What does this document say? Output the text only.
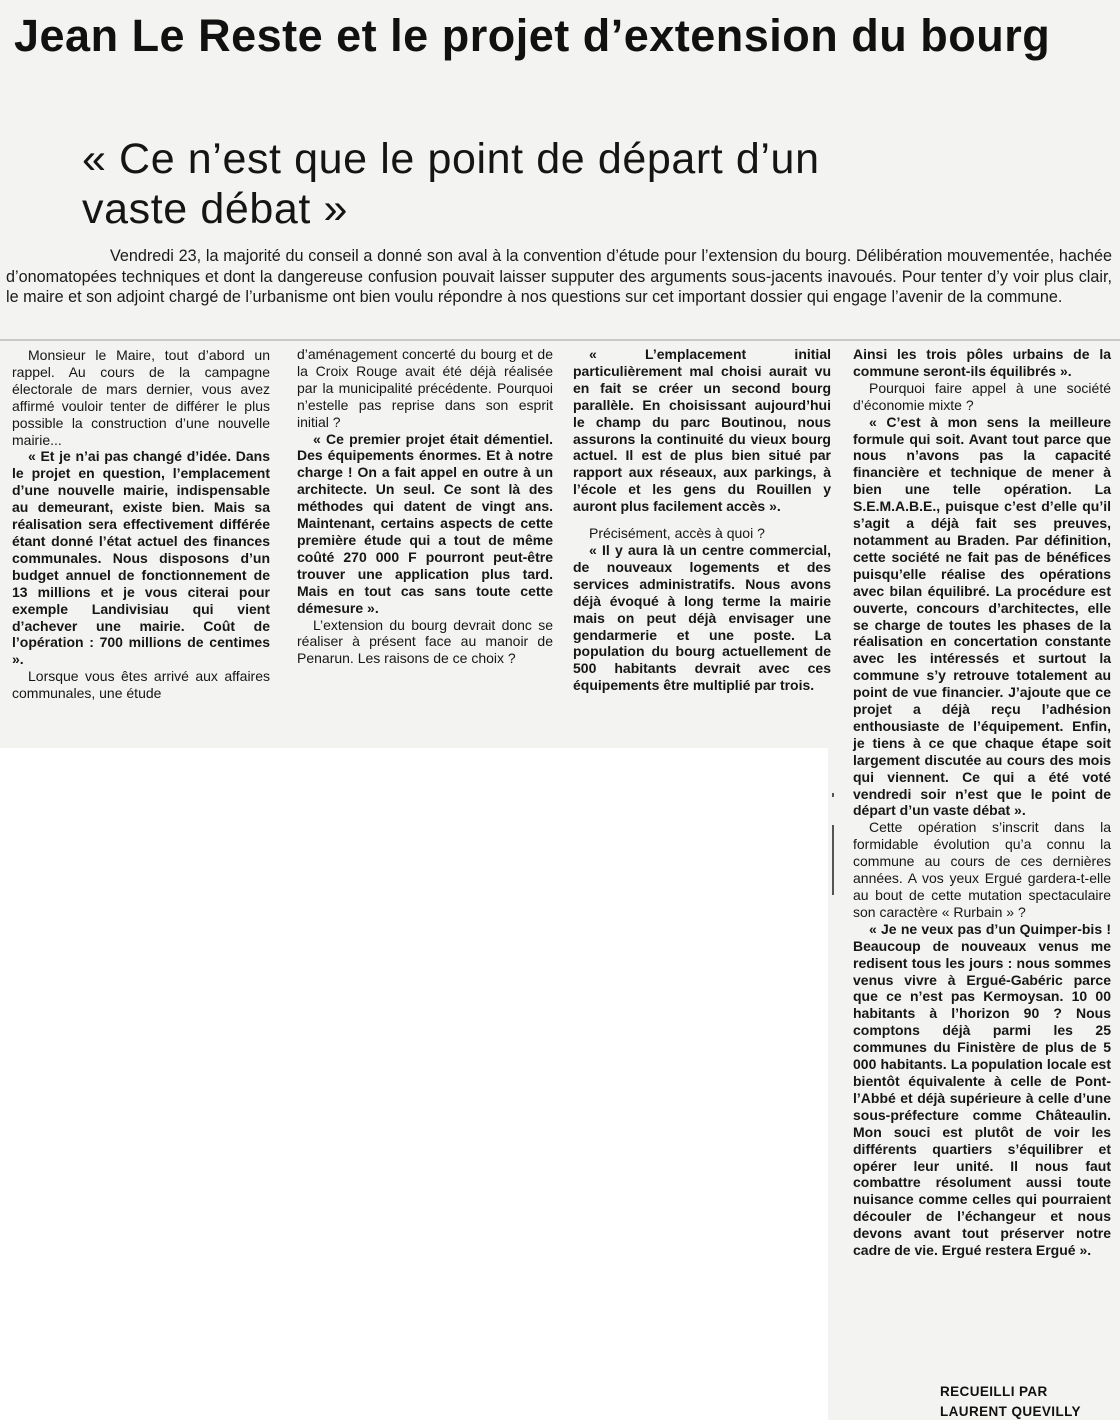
Jean Le Reste et le projet d’extension du bourg
« Ce n’est que le point de départ d’un vaste débat »

Vendredi 23, la majorité du conseil a donné son aval à la convention d’étude pour l’extension du bourg. Délibération mouvementée, hachée d’onomatopées techniques et dont la dangereuse confusion pouvait laisser supputer des arguments sous-jacents inavoués. Pour tenter d’y voir plus clair, le maire et son adjoint chargé de l’urbanisme ont bien voulu répondre à nos questions sur cet important dossier qui engage l’avenir de la commune.

Monsieur le Maire, tout d’abord un rappel. Au cours de la campagne électorale de mars dernier, vous avez affirmé vouloir tenter de différer le plus possible la construction d’une nouvelle mairie...

« Et je n’ai pas changé d’idée. Dans le projet en question, l’emplacement d’une nouvelle mairie, indispensable au demeurant, existe bien. Mais sa réalisation sera effectivement différée étant donné l’état actuel des finances communales. Nous disposons d’un budget annuel de fonctionnement de 13 millions et je vous citerai pour exemple Landivisiau qui vient d’achever une mairie. Coût de l’opération : 700 millions de centimes ».

Lorsque vous êtes arrivé aux affaires communales, une étude

d’aménagement concerté du bourg et de la Croix Rouge avait été déjà réalisée par la municipalité précédente. Pourquoi n’estelle pas reprise dans son esprit initial ?

« Ce premier projet était démentiel. Des équipements énormes. Et à notre charge ! On a fait appel en outre à un architecte. Un seul. Ce sont là des méthodes qui datent de vingt ans. Maintenant, certains aspects de cette première étude qui a tout de même coûté 270 000 F pourront peut-être trouver une application plus tard. Mais en tout cas sans toute cette démesure ».

L’extension du bourg devrait donc se réaliser à présent face au manoir de Penarun. Les raisons de ce choix ?

« L’emplacement initial particulièrement mal choisi aurait vu en fait se créer un second bourg parallèle. En choisissant aujourd’hui le champ du parc Boutinou, nous assurons la continuité du vieux bourg actuel. Il est de plus bien situé par rapport aux réseaux, aux parkings, à l’école et les gens du Rouillen y auront plus facilement accès ».

Précisément, accès à quoi ?

« Il y aura là un centre commercial, de nouveaux logements et des services administratifs. Nous avons déjà évoqué à long terme la mairie mais on peut déjà envisager une gendarmerie et une poste. La population du bourg actuellement de 500 habitants devrait avec ces équipements être multiplié par trois.

Ainsi les trois pôles urbains de la commune seront-ils équilibrés ».

Pourquoi faire appel à une société d’économie mixte ?

« C’est à mon sens la meilleure formule qui soit. Avant tout parce que nous n’avons pas la capacité financière et technique de mener à bien une telle opération. La S.E.M.A.B.E., puisque c’est d’elle qu’il s’agit a déjà fait ses preuves, notamment au Braden. Par définition, cette société ne fait pas de bénéfices puisqu’elle réalise des opérations avec bilan équilibré. La procédure est ouverte, concours d’architectes, elle se charge de toutes les phases de la réalisation en concertation constante avec les intéressés et surtout la commune s’y retrouve totalement au point de vue financier. J’ajoute que ce projet a déjà reçu l’adhésion enthousiaste de l’équipement. Enfin, je tiens à ce que chaque étape soit largement discutée au cours des mois qui viennent. Ce qui a été voté vendredi soir n’est que le point de départ d’un vaste débat ».

Cette opération s’inscrit dans la formidable évolution qu’a connu la commune au cours de ces dernières années. A vos yeux Ergué gardera-t-elle au bout de cette mutation spectaculaire son caractère « Rurbain » ?

« Je ne veux pas d’un Quimper-bis ! Beaucoup de nouveaux venus me redisent tous les jours : nous sommes venus vivre à Ergué-Gabéric parce que ce n’est pas Kermoysan. 10 00 habitants à l’horizon 90 ? Nous comptons déjà parmi les 25 communes du Finistère de plus de 5 000 habitants. La population locale est bientôt équivalente à celle de Pont-l’Abbé et déjà supérieure à celle d’une sous-préfecture comme Châteaulin. Mon souci est plutôt de voir les différents quartiers s’équilibrer et opérer leur unité. Il nous faut combattre résolument aussi toute nuisance comme celles qui pourraient découler de l’échangeur et nous devons avant tout préserver notre cadre de vie. Ergué restera Ergué ».

RECUEILLI PAR
LAURENT QUEVILLY
